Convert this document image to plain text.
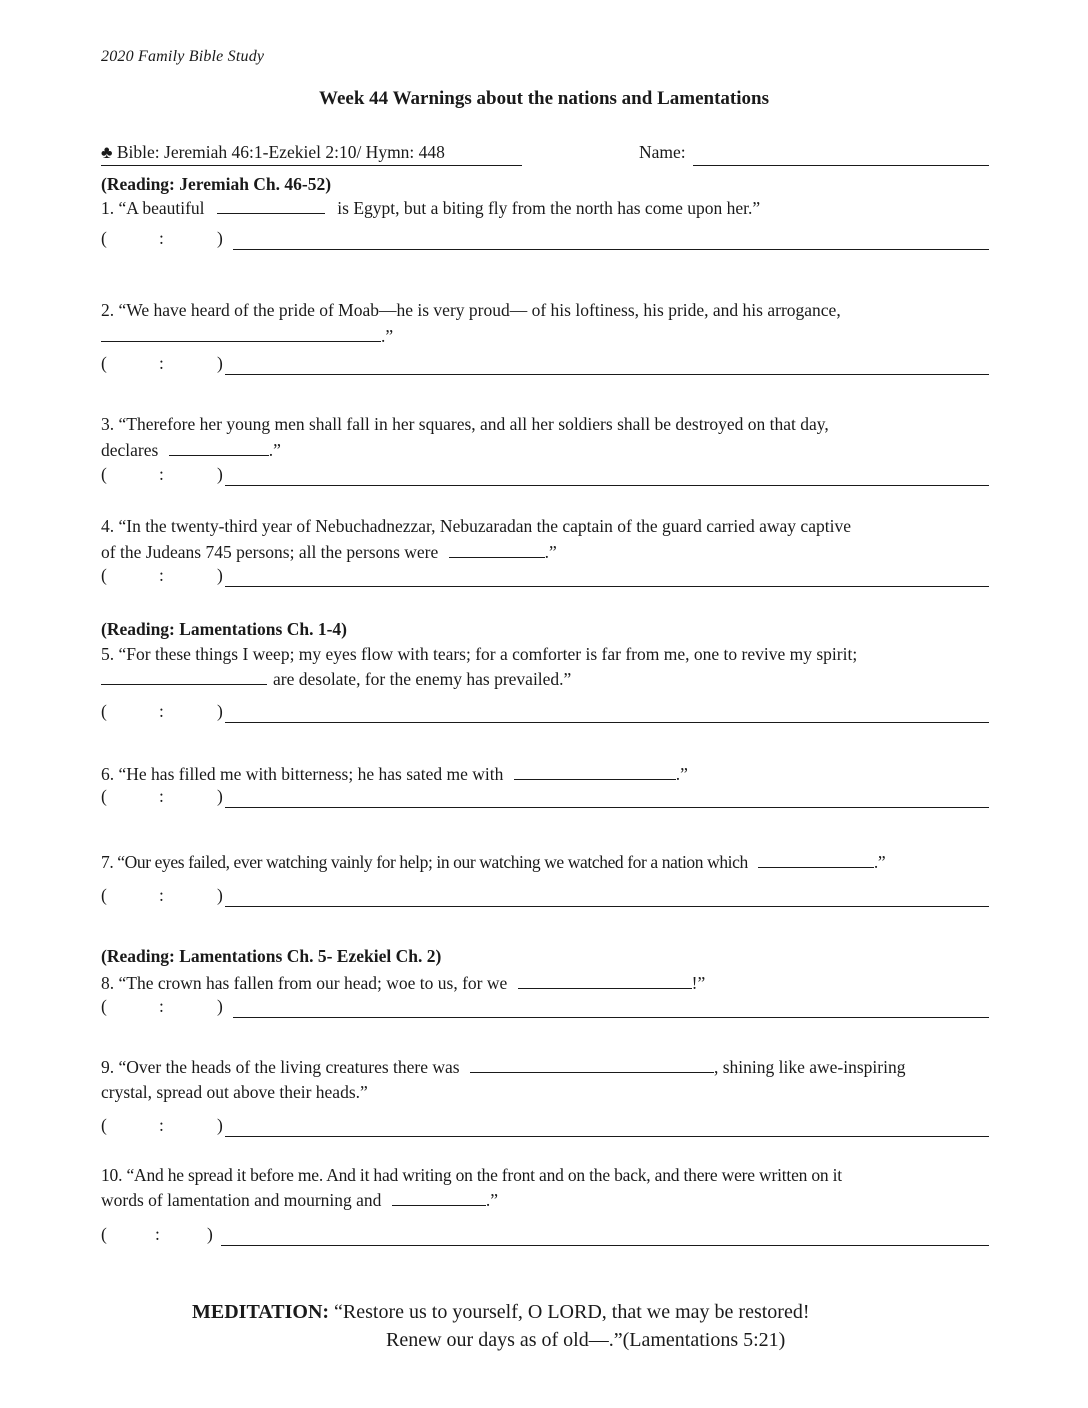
2020 Family Bible Study
Week 44 Warnings about the nations and Lamentations
♣ Bible: Jeremiah 46:1-Ezekiel 2:10/ Hymn: 448	Name:
(Reading: Jeremiah Ch. 46-52)
1. “A beautiful	is Egypt, but a biting fly from the north has come upon her.”
(	:	)
2. “We have heard of the pride of Moab—he is very proud— of his loftiness, his pride, and his arrogance,
.”
(	:	)
3. “Therefore her young men shall fall in her squares, and all her soldiers shall be destroyed on that day,
declares	.”
(	:	)
4. “In the twenty-third year of Nebuchadnezzar, Nebuzaradan the captain of the guard carried away captive
of the Judeans 745 persons; all the persons were	.”
(	:	)
(Reading: Lamentations Ch. 1-4)
5. “For these things I weep; my eyes flow with tears; for a comforter is far from me, one to revive my spirit;
are desolate, for the enemy has prevailed.”
(	:	)
6. “He has filled me with bitterness; he has sated me with	.”
(	:	)
7. “Our eyes failed, ever watching vainly for help; in our watching we watched for a nation which	.”
(	:	)
(Reading: Lamentations Ch. 5- Ezekiel Ch. 2)
8. “The crown has fallen from our head; woe to us, for we	!”
(	:	)
9. “Over the heads of the living creatures there was	, shining like awe-inspiring
crystal, spread out above their heads.”
(	:	)
10. “And he spread it before me. And it had writing on the front and on the back, and there were written on it
words of lamentation and mourning and	.”
(	:	)
MEDITATION: “Restore us to yourself, O LORD, that we may be restored!
Renew our days as of old—.”(Lamentations 5:21)
